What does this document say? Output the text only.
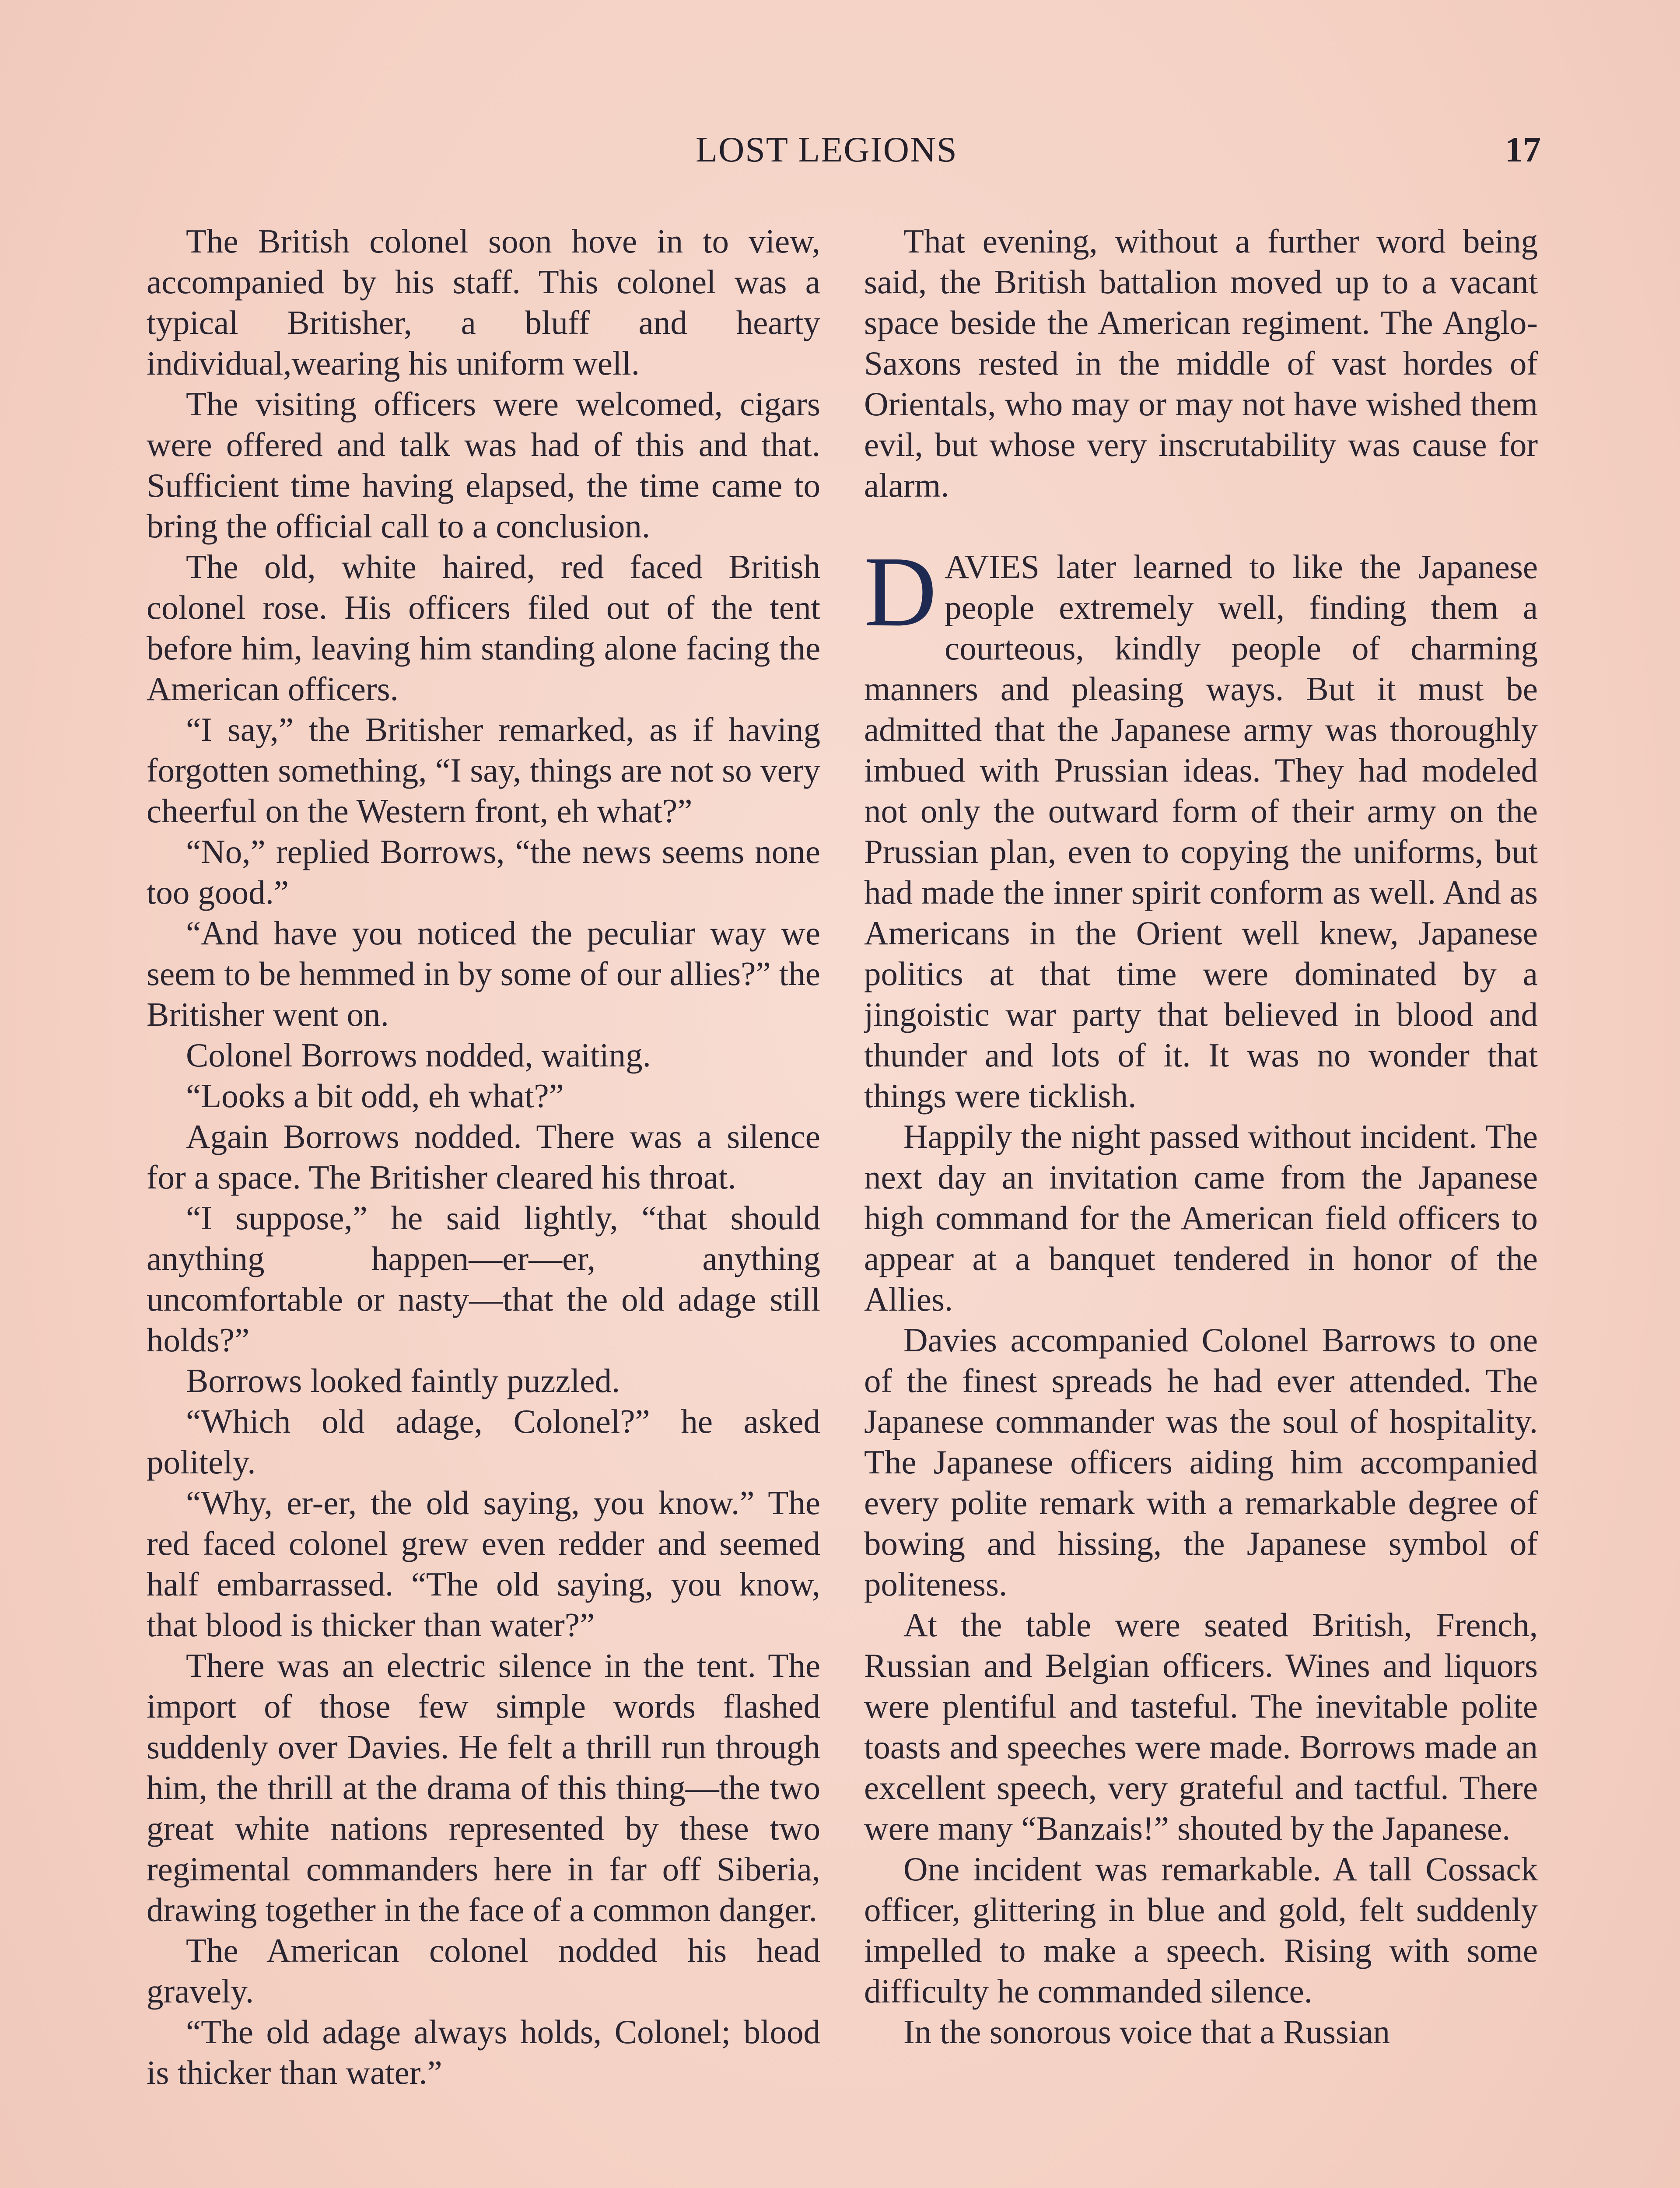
LOST LEGIONS	17

The British colonel soon hove in to view, accompanied by his staff. This colonel was a typical Britisher, a bluff and hearty individual,wearing his uniform well.

The visiting officers were welcomed, cigars were offered and talk was had of this and that. Sufficient time having elapsed, the time came to bring the official call to a conclusion.

The old, white haired, red faced British colonel rose. His officers filed out of the tent before him, leaving him standing alone facing the American officers.

“I say,” the Britisher remarked, as if having forgotten something, “I say, things are not so very cheerful on the Western front, eh what?”

“No,” replied Borrows, “the news seems none too good.”

“And have you noticed the peculiar way we seem to be hemmed in by some of our allies?” the Britisher went on.

Colonel Borrows nodded, waiting.

“Looks a bit odd, eh what?”

Again Borrows nodded. There was a silence for a space. The Britisher cleared his throat.

“I suppose,” he said lightly, “that should anything happen—er—er, anything uncomfortable or nasty—that the old adage still holds?”

Borrows looked faintly puzzled.

“Which old adage, Colonel?” he asked politely.

“Why, er-er, the old saying, you know.” The red faced colonel grew even redder and seemed half embarrassed. “The old saying, you know, that blood is thicker than water?”

There was an electric silence in the tent. The import of those few simple words flashed suddenly over Davies. He felt a thrill run through him, the thrill at the drama of this thing—the two great white nations represented by these two regimental commanders here in far off Siberia, drawing together in the face of a common danger.

The American colonel nodded his head gravely.

“The old adage always holds, Colonel; blood is thicker than water.”

That evening, without a further word being said, the British battalion moved up to a vacant space beside the American regiment. The Anglo-Saxons rested in the middle of vast hordes of Orientals, who may or may not have wished them evil, but whose very inscrutability was cause for alarm.

DAVIES later learned to like the Japanese people extremely well, finding them a courteous, kindly people of charming manners and pleasing ways. But it must be admitted that the Japanese army was thoroughly imbued with Prussian ideas. They had modeled not only the outward form of their army on the Prussian plan, even to copying the uniforms, but had made the inner spirit conform as well. And as Americans in the Orient well knew, Japanese politics at that time were dominated by a jingoistic war party that believed in blood and thunder and lots of it. It was no wonder that things were ticklish.

Happily the night passed without incident. The next day an invitation came from the Japanese high command for the American field officers to appear at a banquet tendered in honor of the Allies.

Davies accompanied Colonel Barrows to one of the finest spreads he had ever attended. The Japanese commander was the soul of hospitality. The Japanese officers aiding him accompanied every polite remark with a remarkable degree of bowing and hissing, the Japanese symbol of politeness.

At the table were seated British, French, Russian and Belgian officers. Wines and liquors were plentiful and tasteful. The inevitable polite toasts and speeches were made. Borrows made an excellent speech, very grateful and tactful. There were many “Banzais!” shouted by the Japanese.

One incident was remarkable. A tall Cossack officer, glittering in blue and gold, felt suddenly impelled to make a speech. Rising with some difficulty he commanded silence.

In the sonorous voice that a Russian
